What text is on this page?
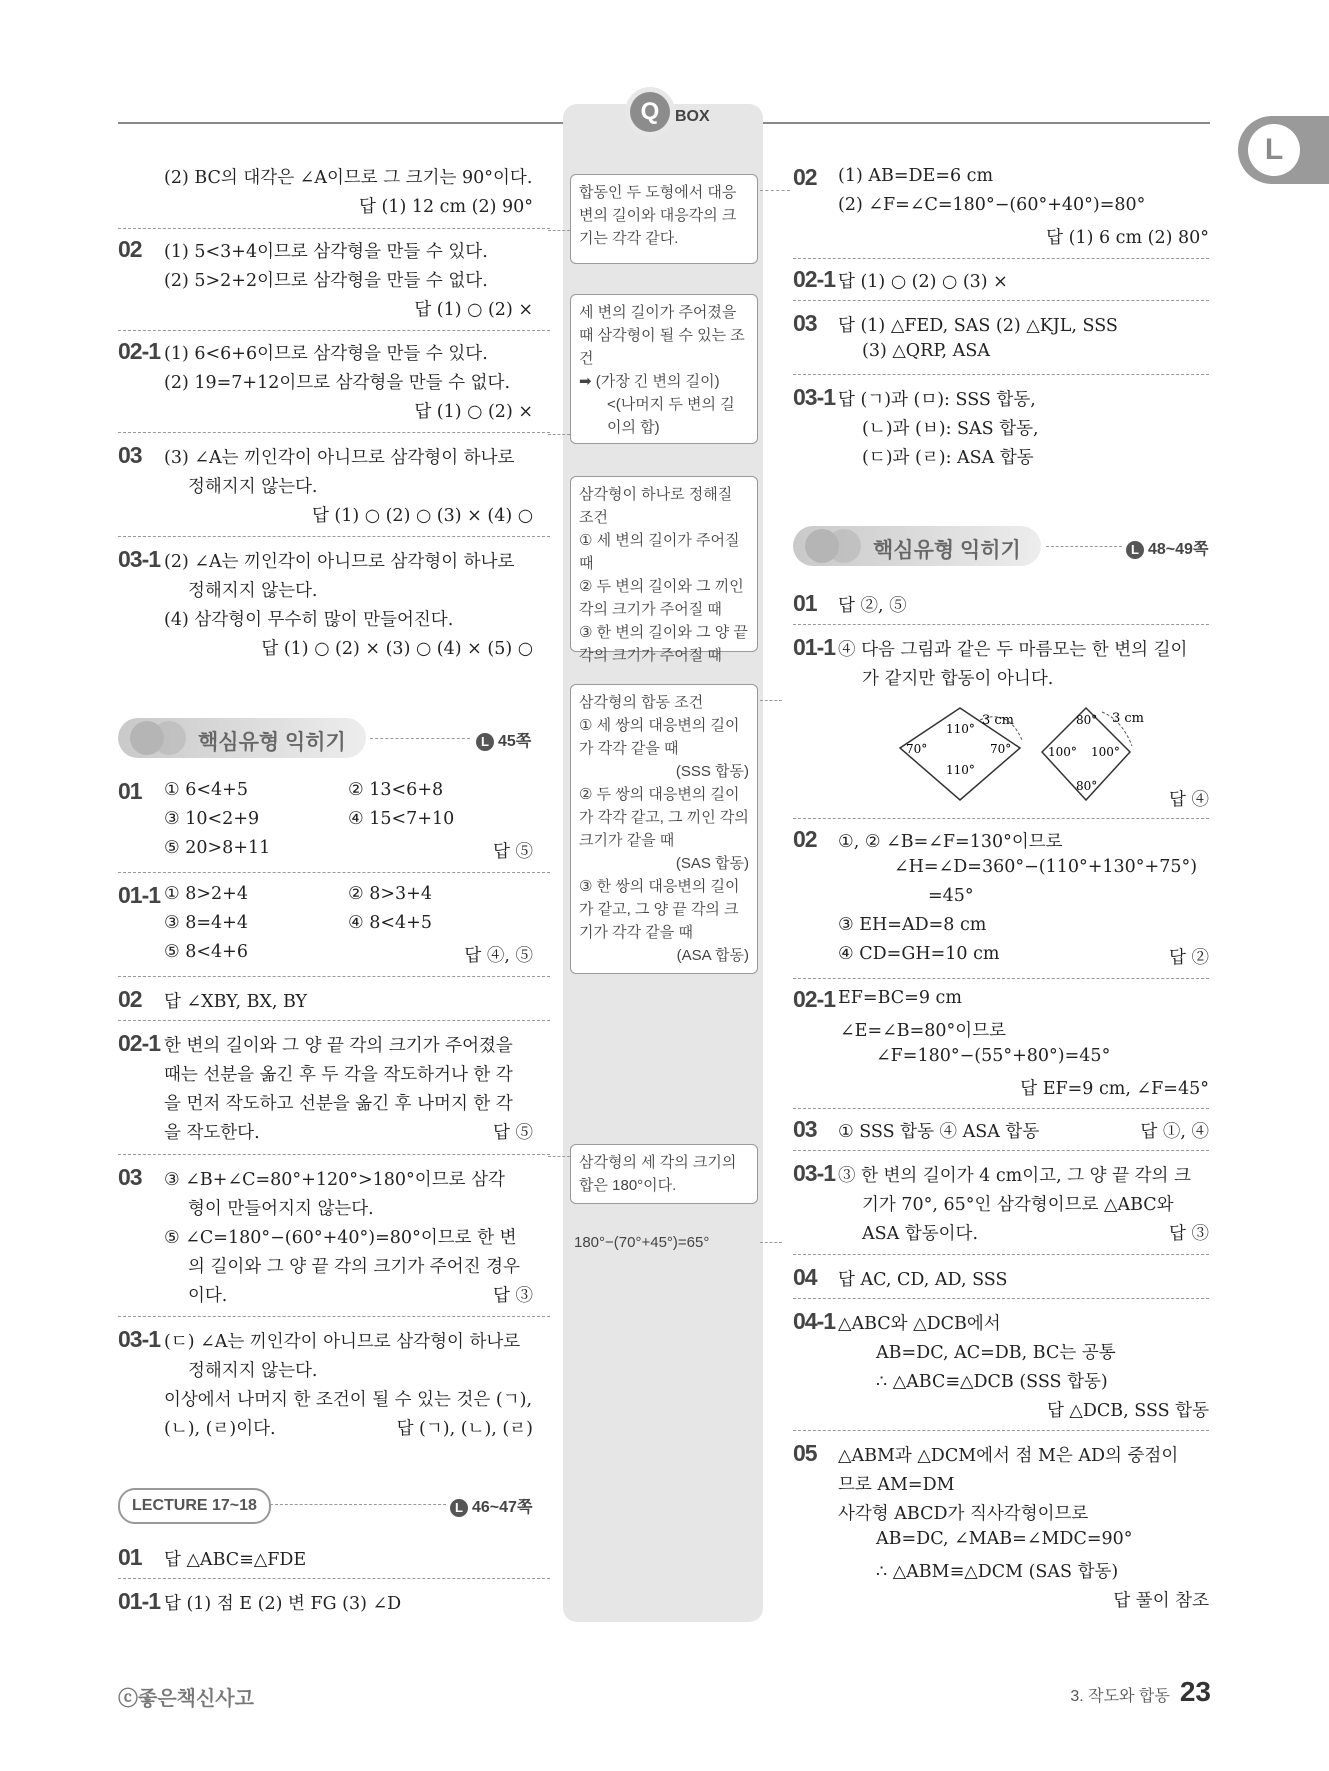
Q BOX
L
(2) BC의 대각은 ∠A이므로 그 크기는 90°이다.
답 (1) 12 cm (2) 90°
02 (1) 5<3+4이므로 삼각형을 만들 수 있다.
(2) 5>2+2이므로 삼각형을 만들 수 없다.
답 (1) ○ (2) ×
02-1 (1) 6<6+6이므로 삼각형을 만들 수 있다.
(2) 19=7+12이므로 삼각형을 만들 수 없다.
답 (1) ○ (2) ×
03 (3) ∠A는 끼인각이 아니므로 삼각형이 하나로
정해지지 않는다.
답 (1) ○ (2) ○ (3) × (4) ○
03-1 (2) ∠A는 끼인각이 아니므로 삼각형이 하나로
정해지지 않는다.
(4) 삼각형이 무수히 많이 만들어진다.
답 (1) ○ (2) × (3) ○ (4) × (5) ○
핵심유형 익히기	L 45쪽
01 ① 6<4+5	② 13<6+8
③ 10<2+9	④ 15<7+10
⑤ 20>8+11	답 ⑤
01-1 ① 8>2+4	② 8>3+4
③ 8=4+4	④ 8<4+5
⑤ 8<4+6	답 ④, ⑤
02 답 ∠XBY, BX, BY
02-1 한 변의 길이와 그 양 끝 각의 크기가 주어졌을
때는 선분을 옮긴 후 두 각을 작도하거나 한 각
을 먼저 작도하고 선분을 옮긴 후 나머지 한 각
을 작도한다.	답 ⑤
03 ③ ∠B+∠C=80°+120°>180°이므로 삼각
형이 만들어지지 않는다.
⑤ ∠C=180°−(60°+40°)=80°이므로 한 변
의 길이와 그 양 끝 각의 크기가 주어진 경우
이다.	답 ③
03-1 (ㄷ) ∠A는 끼인각이 아니므로 삼각형이 하나로
정해지지 않는다.
이상에서 나머지 한 조건이 될 수 있는 것은 (ㄱ),
(ㄴ), (ㄹ)이다.	답 (ㄱ), (ㄴ), (ㄹ)
LECTURE 17~18	L 46~47쪽
01 답 △ABC≡△FDE
01-1 답 (1) 점 E (2) 변 FG (3) ∠D
합동인 두 도형에서 대응변의 길이와 대응각의 크기는 각각 같다.
세 변의 길이가 주어졌을 때 삼각형이 될 수 있는 조건
➡ (가장 긴 변의 길이)
<(나머지 두 변의 길이의 합)
삼각형이 하나로 정해질 조건
① 세 변의 길이가 주어질 때
② 두 변의 길이와 그 끼인 각의 크기가 주어질 때
③ 한 변의 길이와 그 양 끝 각의 크기가 주어질 때
삼각형의 합동 조건
① 세 쌍의 대응변의 길이가 각각 같을 때
(SSS 합동)
② 두 쌍의 대응변의 길이가 각각 같고, 그 끼인 각의 크기가 같을 때
(SAS 합동)
③ 한 쌍의 대응변의 길이가 같고, 그 양 끝 각의 크기가 각각 같을 때
(ASA 합동)
삼각형의 세 각의 크기의 합은 180°이다.
180°−(70°+45°)=65°
02 (1) AB=DE=6 cm
(2) ∠F=∠C=180°−(60°+40°)=80°
답 (1) 6 cm (2) 80°
02-1 답 (1) ○ (2) ○ (3) ×
03 답 (1) △FED, SAS (2) △KJL, SSS
(3) △QRP, ASA
03-1 답 (ㄱ)과 (ㅁ): SSS 합동,
(ㄴ)과 (ㅂ): SAS 합동,
(ㄷ)과 (ㄹ): ASA 합동
핵심유형 익히기	L 48~49쪽
01 답 ②, ⑤
01-1 ④ 다음 그림과 같은 두 마름모는 한 변의 길이
가 같지만 합동이 아니다.
110°
110°
70°	70°
3 cm	80°
80°
100° 100°
3 cm
답 ④
02 ①, ② ∠B=∠F=130°이므로
∠H=∠D=360°−(110°+130°+75°)
=45°
③ EH=AD=8 cm
④ CD=GH=10 cm	답 ②
02-1 EF=BC=9 cm
∠E=∠B=80°이므로
∠F=180°−(55°+80°)=45°
답 EF=9 cm, ∠F=45°
03 ① SSS 합동 ④ ASA 합동	답 ①, ④
03-1 ③ 한 변의 길이가 4 cm이고, 그 양 끝 각의 크
기가 70°, 65°인 삼각형이므로 △ABC와
ASA 합동이다.	답 ③
04 답 AC, CD, AD, SSS
04-1 △ABC와 △DCB에서
AB=DC, AC=DB, BC는 공통
∴ △ABC≡△DCB (SSS 합동)
답 △DCB, SSS 합동
05 △ABM과 △DCM에서 점 M은 AD의 중점이
므로 AM=DM
사각형 ABCD가 직사각형이므로
AB=DC, ∠MAB=∠MDC=90°
∴ △ABM≡△DCM (SAS 합동)
답 풀이 참조
ⓒ좋은책신사고	3. 작도와 합동 23
